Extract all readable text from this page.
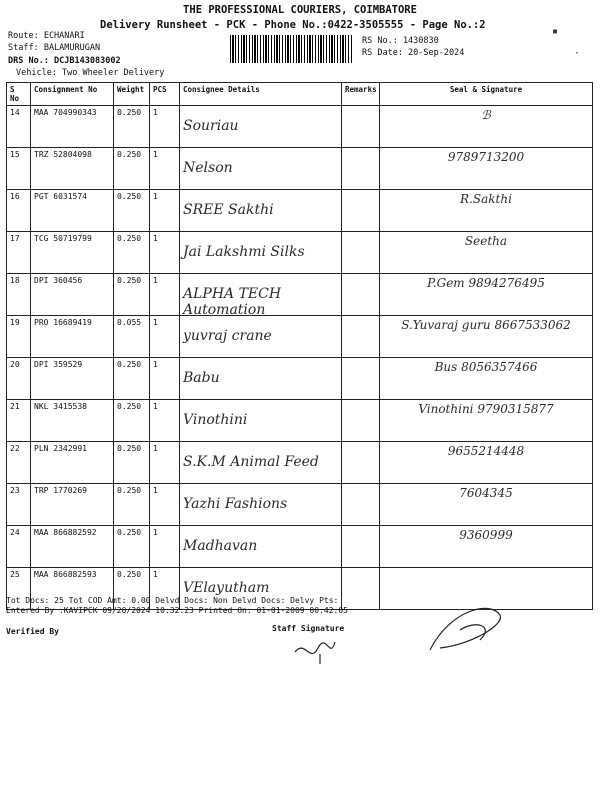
THE PROFESSIONAL COURIERS, COIMBATORE
Delivery Runsheet - PCK - Phone No.:0422-3505555 - Page No.:2
Route: ECHANARI
Staff: BALAMURUGAN
DRS No.: DCJB143083002
Vehicle: Two Wheeler Delivery
RS No.: 1430830
RS Date: 20-Sep-2024
▪
·
S No	Consignment No	Weight	PCS	Consignee Details	Remarks	Seal & Signature
14	MAA 704990343	0.250	1	Souriau		ℬ
15	TRZ 52804098	0.250	1	Nelson		9789713200
16	PGT 6031574	0.250	1	SREE Sakthi		R.Sakthi
17	TCG 50719799	0.250	1	Jai Lakshmi Silks		Seetha
18	DPI 360456	0.250	1	ALPHA TECH Automation		P.Gem 9894276495
19	PRO 16689419	0.055	1	yuvraj crane		S.Yuvaraj guru 8667533062
20	DPI 359529	0.250	1	Babu		Bus 8056357466
21	NKL 3415538	0.250	1	Vinothini		Vinothini 9790315877
22	PLN 2342991	0.250	1	S.K.M Animal Feed		9655214448
23	TRP 1770269	0.250	1	Yazhi Fashions		7604345
24	MAA 866882592	0.250	1	Madhavan		9360999
25	MAA 866882593	0.250	1	VElayutham		
Tot Docs: 25 Tot COD Amt: 0.00 Delvd Docs: Non Delvd Docs: Delvy Pts:
Entered By :KAVIPCK 09/20/2024 10:32:23 Printed On: 01-01-2009 00:42:05
Verified By	Staff Signature
